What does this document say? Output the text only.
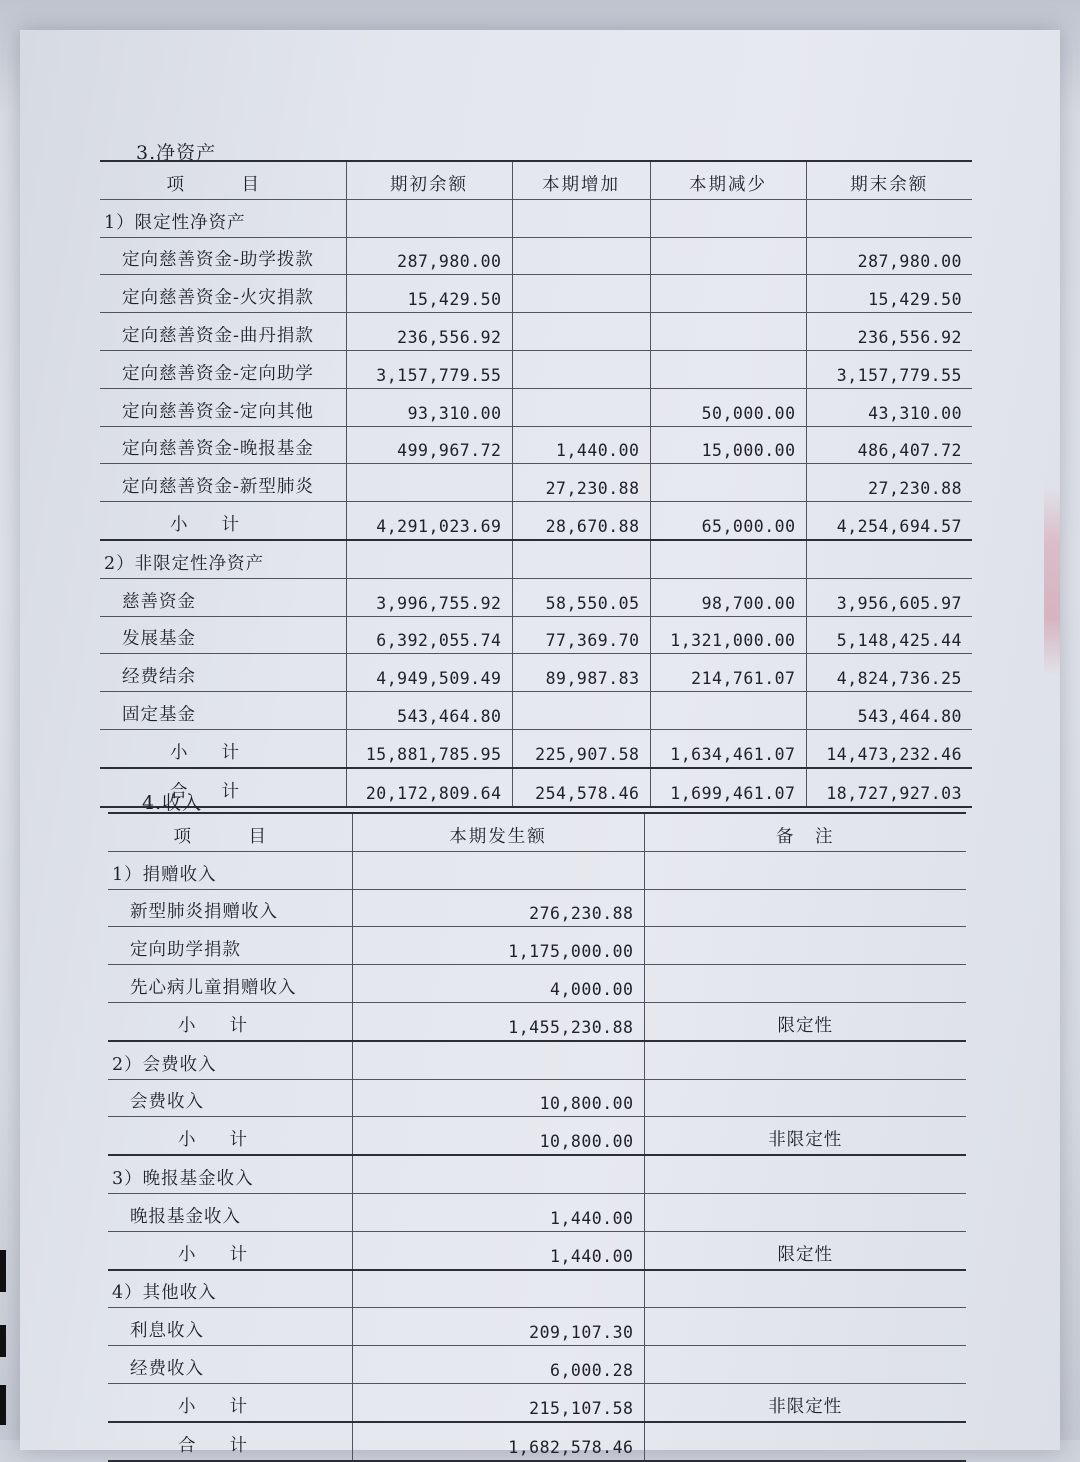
3.净资产
项　目	期初余额	本期增加	本期减少	期末余额
1）限定性净资产				
定向慈善资金-助学拨款	287,980.00			287,980.00
定向慈善资金-火灾捐款	15,429.50			15,429.50
定向慈善资金-曲丹捐款	236,556.92			236,556.92
定向慈善资金-定向助学	3,157,779.55			3,157,779.55
定向慈善资金-定向其他	93,310.00		50,000.00	43,310.00
定向慈善资金-晚报基金	499,967.72	1,440.00	15,000.00	486,407.72
定向慈善资金-新型肺炎		27,230.88		27,230.88
小计	4,291,023.69	28,670.88	65,000.00	4,254,694.57
2）非限定性净资产				
慈善资金	3,996,755.92	58,550.05	98,700.00	3,956,605.97
发展基金	6,392,055.74	77,369.70	1,321,000.00	5,148,425.44
经费结余	4,949,509.49	89,987.83	214,761.07	4,824,736.25
固定基金	543,464.80			543,464.80
小计	15,881,785.95	225,907.58	1,634,461.07	14,473,232.46
合计	20,172,809.64	254,578.46	1,699,461.07	18,727,927.03
4.收入
项　目	本期发生额	备　注
1）捐赠收入		
新型肺炎捐赠收入	276,230.88	
定向助学捐款	1,175,000.00	
先心病儿童捐赠收入	4,000.00	
小计	1,455,230.88	限定性
2）会费收入		
会费收入	10,800.00	
小计	10,800.00	非限定性
3）晚报基金收入		
晚报基金收入	1,440.00	
小计	1,440.00	限定性
4）其他收入		
利息收入	209,107.30	
经费收入	6,000.28	
小计	215,107.58	非限定性
合计	1,682,578.46	
